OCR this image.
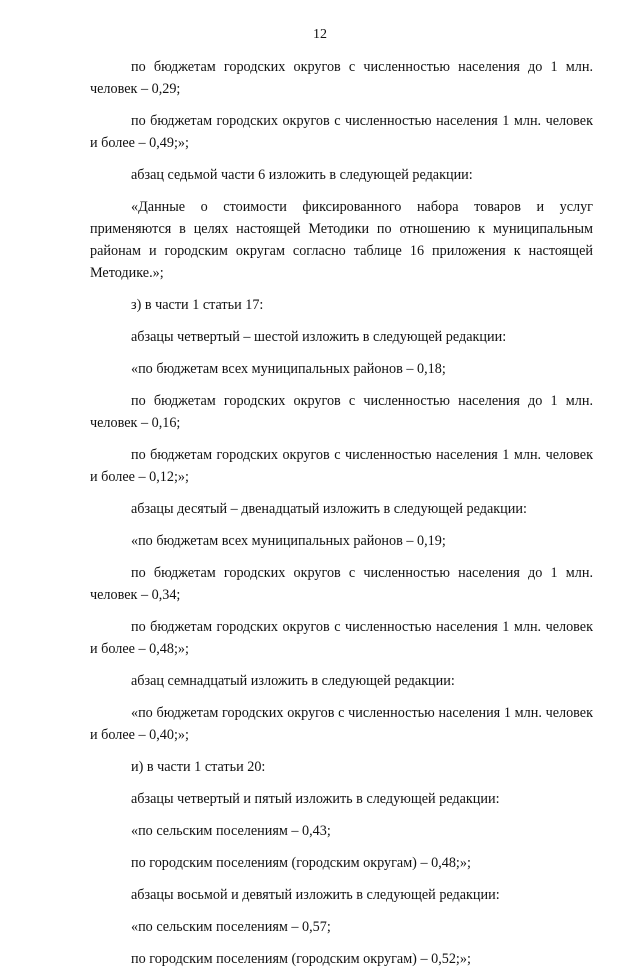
12

по бюджетам городских округов с численностью населения до 1 млн. человек – 0,29;

по бюджетам городских округов с численностью населения 1 млн. человек и более – 0,49;»;

абзац седьмой части 6 изложить в следующей редакции:

«Данные о стоимости фиксированного набора товаров и услуг применяются в целях настоящей Методики по отношению к муниципальным районам и городским округам согласно таблице 16 приложения к настоящей Методике.»;

з) в части 1 статьи 17:

абзацы четвертый – шестой изложить в следующей редакции:

«по бюджетам всех муниципальных районов – 0,18;

по бюджетам городских округов с численностью населения до 1 млн. человек – 0,16;

по бюджетам городских округов с численностью населения 1 млн. человек и более – 0,12;»;

абзацы десятый – двенадцатый изложить в следующей редакции:

«по бюджетам всех муниципальных районов – 0,19;

по бюджетам городских округов с численностью населения до 1 млн. человек – 0,34;

по бюджетам городских округов с численностью населения 1 млн. человек и более – 0,48;»;

абзац семнадцатый изложить в следующей редакции:

«по бюджетам городских округов с численностью населения 1 млн. человек и более – 0,40;»;

и) в части 1 статьи 20:

абзацы четвертый и пятый изложить в следующей редакции:

«по сельским поселениям – 0,43;

по городским поселениям (городским округам) – 0,48;»;

абзацы восьмой и девятый изложить в следующей редакции:

«по сельским поселениям – 0,57;

по городским поселениям (городским округам) – 0,52;»;
